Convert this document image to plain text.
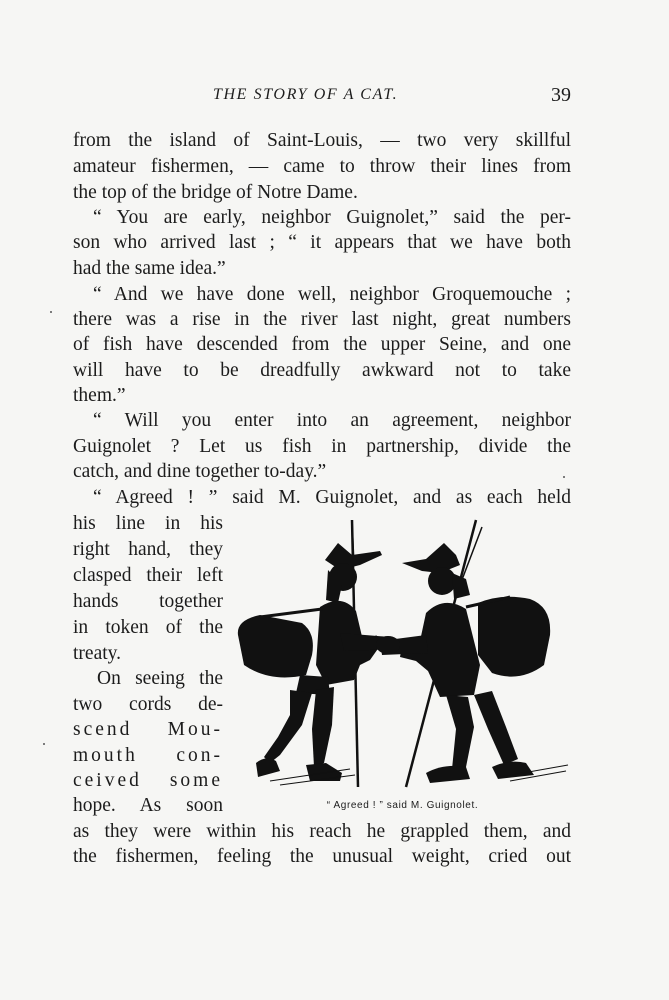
THE STORY OF A CAT.	39
from the island of Saint-Louis, — two very skillful
amateur fishermen, — came to throw their lines from
the top of the bridge of Notre Dame.
“ You are early, neighbor Guignolet,” said the per-
son who arrived last ; “ it appears that we have both
had the same idea.”
“ And we have done well, neighbor Groquemouche ;
there was a rise in the river last night, great numbers
of fish have descended from the upper Seine, and one
will have to be dreadfully awkward not to take
them.”
“ Will you enter into an agreement, neighbor
Guignolet ? Let us fish in partnership, divide the
catch, and dine together to-day.”
“ Agreed ! ” said M. Guignolet, and as each held
his line in his
right hand, they
clasped their left
hands together
in token of the
treaty.
On seeing the
two cords de-
scend Mou-
mouth con-
ceived some
hope. As soon
as they were within his reach he grappled them, and
the fishermen, feeling the unusual weight, cried out
“ Agreed ! ” said M. Guignolet.
